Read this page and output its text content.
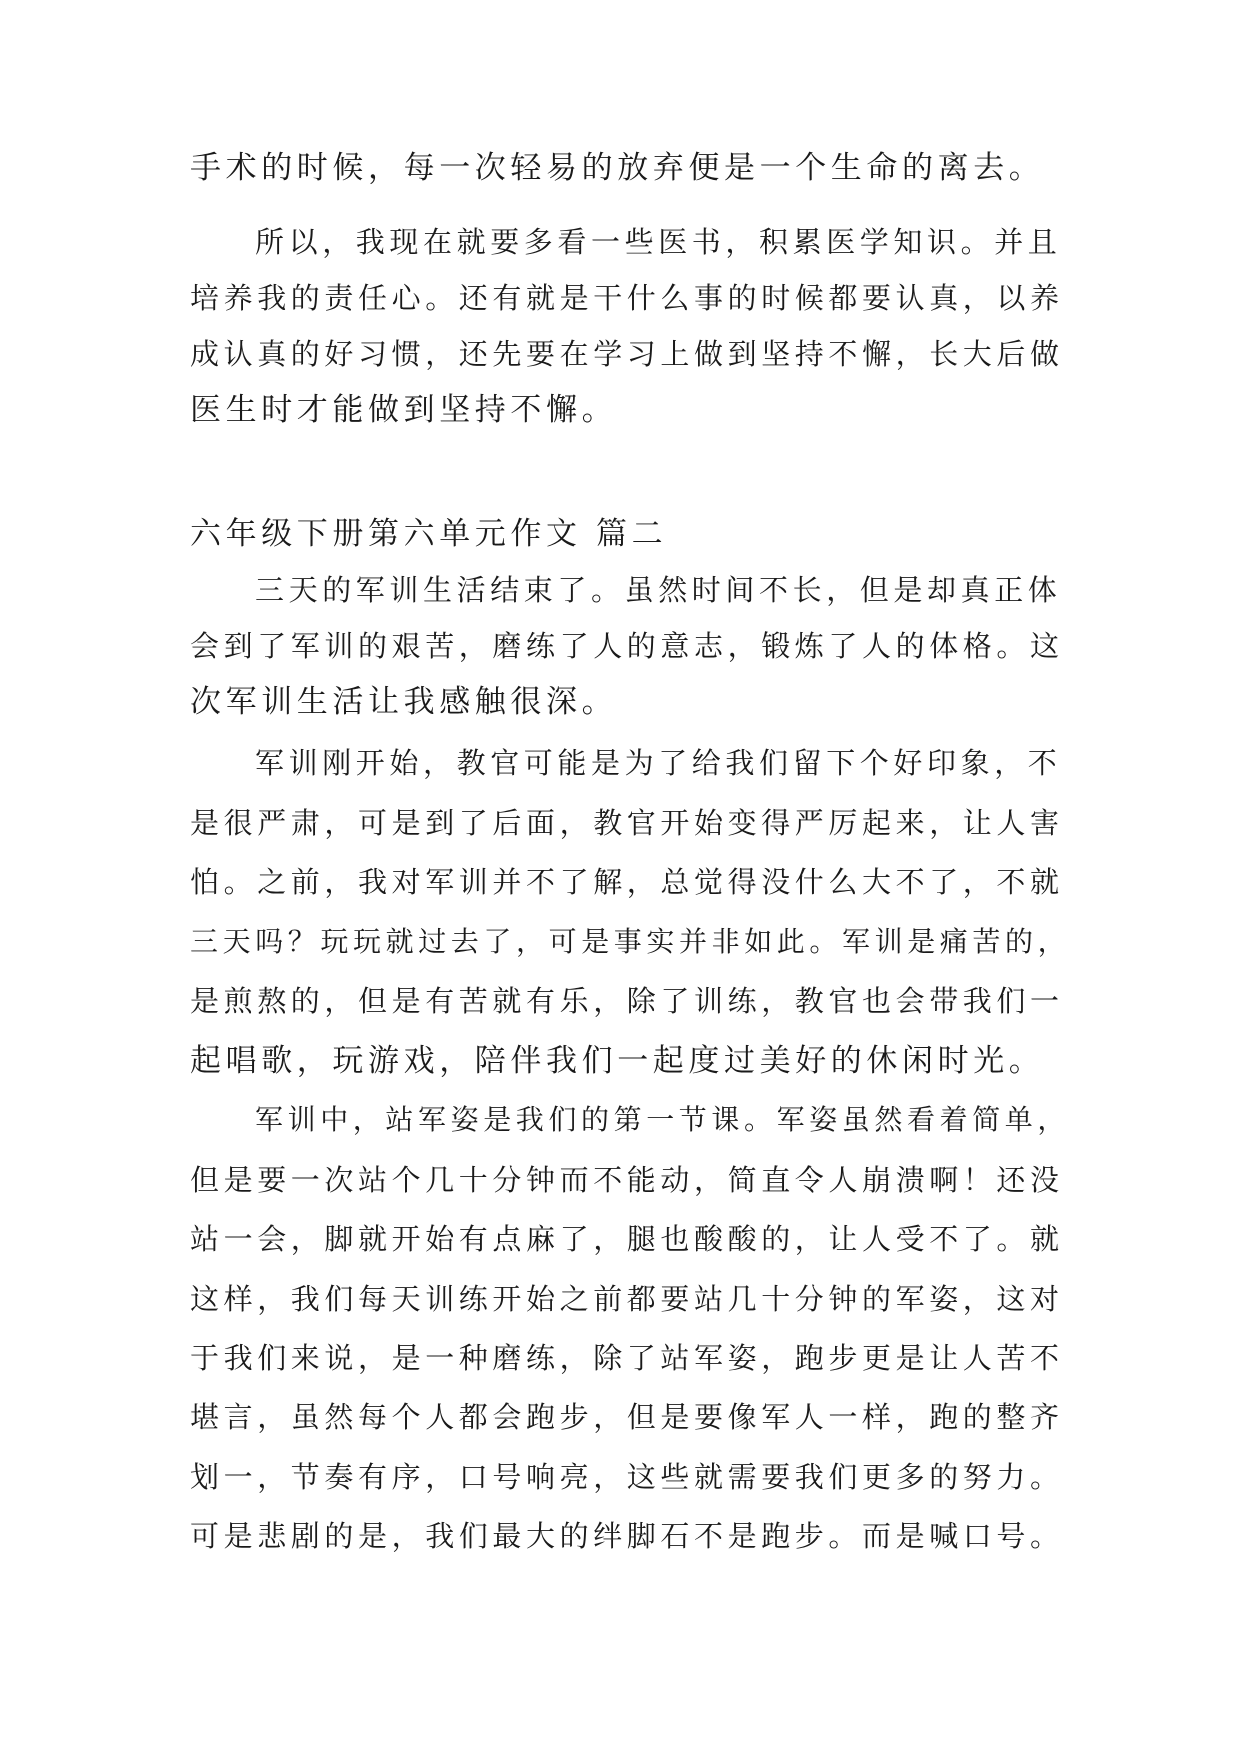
手术的时候，每一次轻易的放弃便是一个生命的离去。
所以，我现在就要多看一些医书，积累医学知识。并且
培养我的责任心。还有就是干什么事的时候都要认真，以养
成认真的好习惯，还先要在学习上做到坚持不懈，长大后做
医生时才能做到坚持不懈。
六年级下册第六单元作文 篇二
三天的军训生活结束了。虽然时间不长，但是却真正体
会到了军训的艰苦，磨练了人的意志，锻炼了人的体格。这
次军训生活让我感触很深。
军训刚开始，教官可能是为了给我们留下个好印象，不
是很严肃，可是到了后面，教官开始变得严厉起来，让人害
怕。之前，我对军训并不了解，总觉得没什么大不了，不就
三天吗？玩玩就过去了，可是事实并非如此。军训是痛苦的，
是煎熬的，但是有苦就有乐，除了训练，教官也会带我们一
起唱歌，玩游戏，陪伴我们一起度过美好的休闲时光。
军训中，站军姿是我们的第一节课。军姿虽然看着简单，
但是要一次站个几十分钟而不能动，简直令人崩溃啊！还没
站一会，脚就开始有点麻了，腿也酸酸的，让人受不了。就
这样，我们每天训练开始之前都要站几十分钟的军姿，这对
于我们来说，是一种磨练，除了站军姿，跑步更是让人苦不
堪言，虽然每个人都会跑步，但是要像军人一样，跑的整齐
划一，节奏有序，口号响亮，这些就需要我们更多的努力。
可是悲剧的是，我们最大的绊脚石不是跑步。而是喊口号。
